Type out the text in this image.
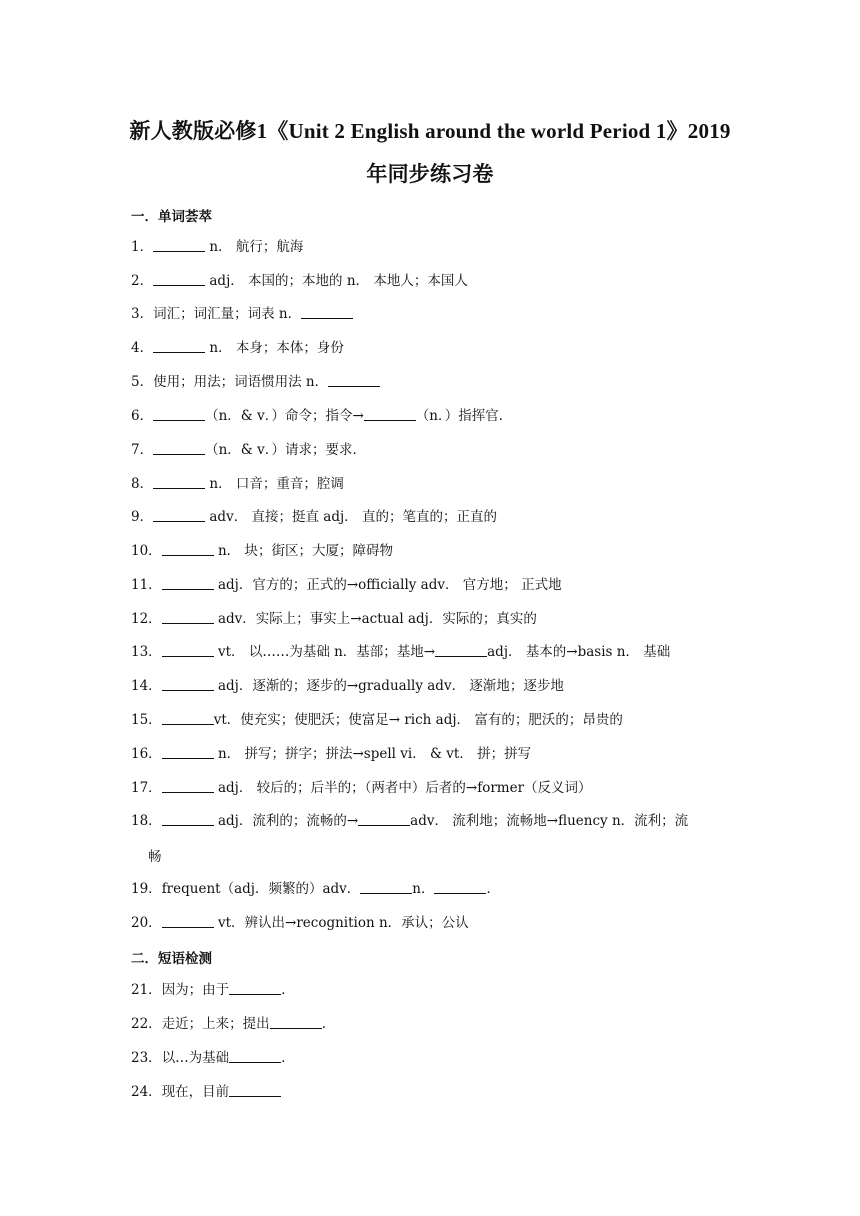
新人教版必修1《Unit 2 English around the world Period 1》2019
年同步练习卷
一．单词荟萃
1．	n． 航行；航海
2．	adj． 本国的；本地的 n． 本地人；本国人
3．词汇；词汇量；词表 n．
4．	n． 本身；本体；身份
5．使用；用法；词语惯用法 n．
6．	（n．& v．）命令；指令→	（n．）指挥官．
7．	（n．& v．）请求；要求．
8．	n． 口音；重音；腔调
9．	adv． 直接；挺直 adj． 直的；笔直的；正直的
10．	n． 块；街区；大厦；障碍物
11．	adj．官方的；正式的→officially adv． 官方地； 正式地
12．	adv．实际上；事实上→actual adj．实际的；真实的
13．	vt． 以……为基础 n．基部；基地→	adj． 基本的→basis n． 基础
14．	adj．逐渐的；逐步的→gradually adv． 逐渐地；逐步地
15．	vt．使充实；使肥沃；使富足→ rich adj． 富有的；肥沃的；昂贵的
16．	n． 拼写；拼字；拼法→spell vi． & vt． 拼；拼写
17．	adj． 较后的；后半的；（两者中）后者的→former（反义词）
18．	adj．流利的；流畅的→	adv． 流利地；流畅地→fluency n．流利；流
19．frequent（adj．频繁的）adv．	n．	．
20．	vt．辨认出→recognition n．承认；公认
21．因为；由于	．
22．走近；上来；提出	．
23．以…为基础	．
24．现在，目前
二．短语检测
畅
